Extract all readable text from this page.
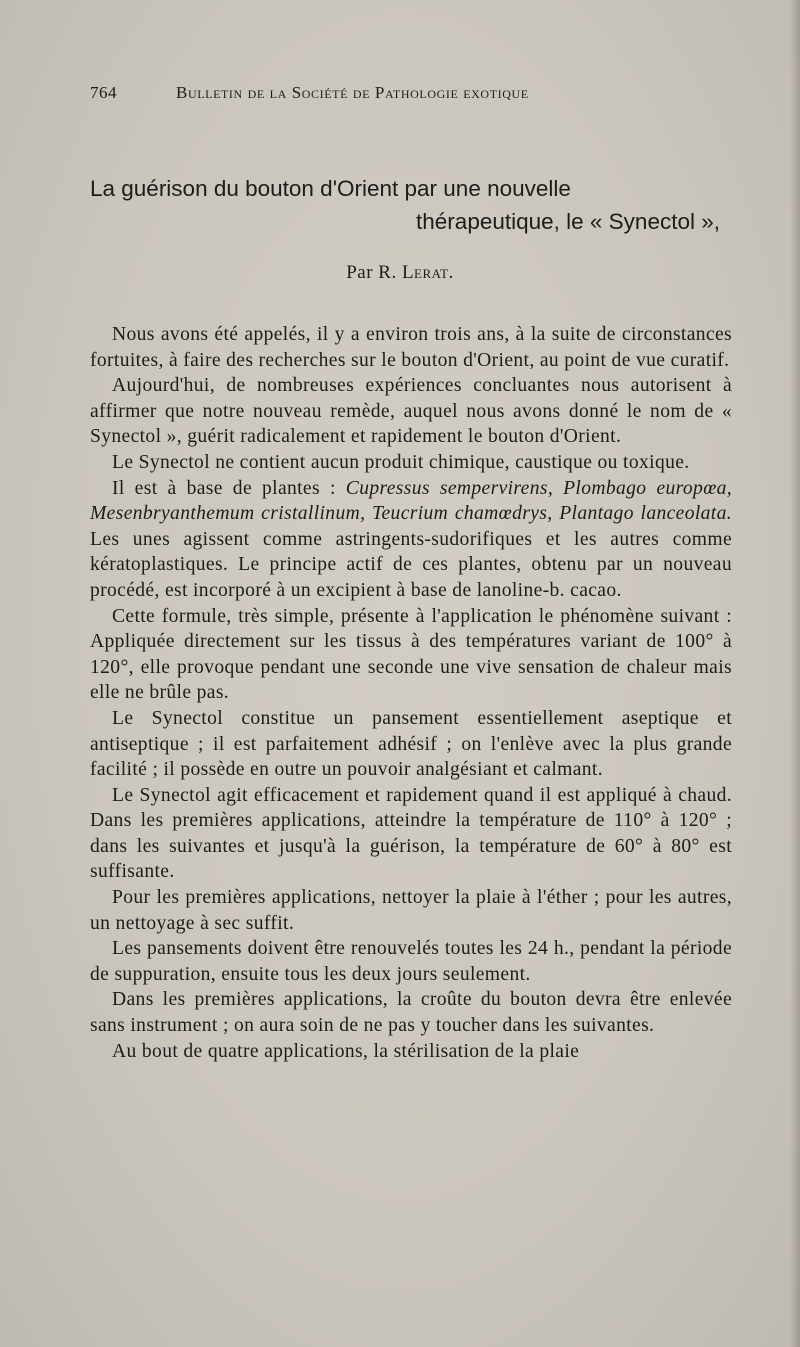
764	Bulletin de la Société de Pathologie exotique
La guérison du bouton d'Orient par une nouvelle
thérapeutique, le « Synectol »,
Par R. Lerat.

Nous avons été appelés, il y a environ trois ans, à la suite de circonstances fortuites, à faire des recherches sur le bouton d'Orient, au point de vue curatif.

Aujourd'hui, de nombreuses expériences concluantes nous autorisent à affirmer que notre nouveau remède, auquel nous avons donné le nom de « Synectol », guérit radicalement et rapidement le bouton d'Orient.

Le Synectol ne contient aucun produit chimique, caustique ou toxique.

Il est à base de plantes : Cupressus sempervirens, Plombago europœa, Mesenbryanthemum cristallinum, Teucrium chamœdrys, Plantago lanceolata. Les unes agissent comme astringents-sudorifiques et les autres comme kératoplastiques. Le principe actif de ces plantes, obtenu par un nouveau procédé, est incorporé à un excipient à base de lanoline-b. cacao.

Cette formule, très simple, présente à l'application le phénomène suivant : Appliquée directement sur les tissus à des températures variant de 100° à 120°, elle provoque pendant une seconde une vive sensation de chaleur mais elle ne brûle pas.

Le Synectol constitue un pansement essentiellement aseptique et antiseptique ; il est parfaitement adhésif ; on l'enlève avec la plus grande facilité ; il possède en outre un pouvoir analgésiant et calmant.

Le Synectol agit efficacement et rapidement quand il est appliqué à chaud. Dans les premières applications, atteindre la température de 110° à 120° ; dans les suivantes et jusqu'à la guérison, la température de 60° à 80° est suffisante.

Pour les premières applications, nettoyer la plaie à l'éther ; pour les autres, un nettoyage à sec suffit.

Les pansements doivent être renouvelés toutes les 24 h., pendant la période de suppuration, ensuite tous les deux jours seulement.

Dans les premières applications, la croûte du bouton devra être enlevée sans instrument ; on aura soin de ne pas y toucher dans les suivantes.

Au bout de quatre applications, la stérilisation de la plaie
